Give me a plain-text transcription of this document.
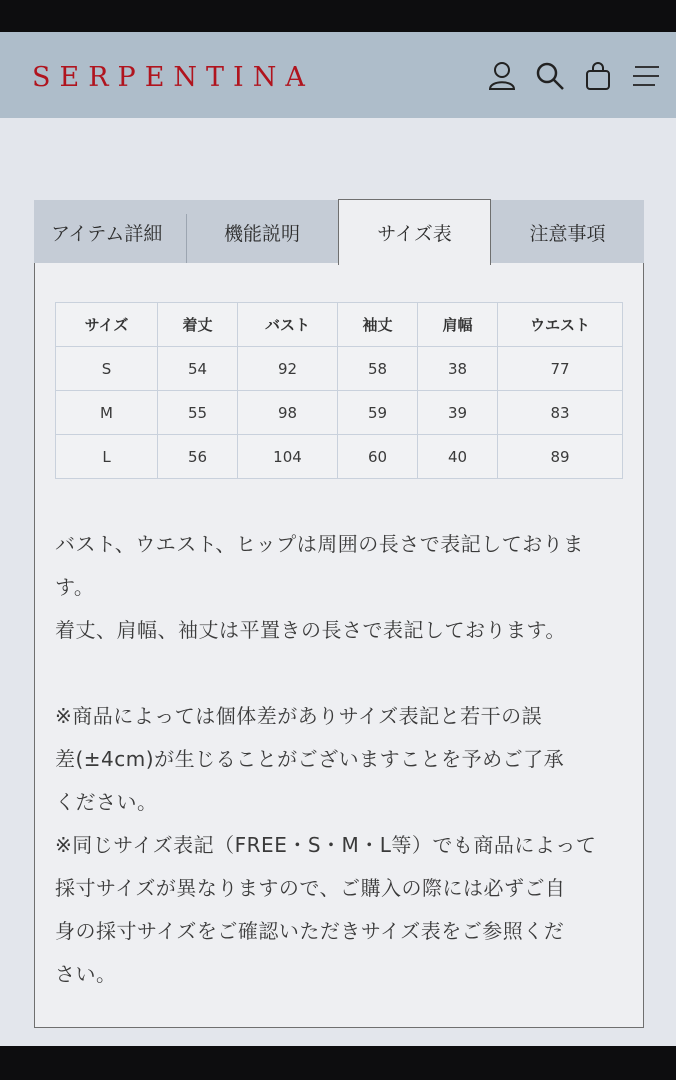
SERPENTINA
アイテム詳細	機能説明	サイズ表	注意事項
サイズ	着丈	バスト	袖丈	肩幅	ウエスト
S	54	92	58	38	77
M	55	98	59	39	83
L	56	104	60	40	89

バスト、ウエスト、ヒップは周囲の長さで表記しておりま

す。

着丈、肩幅、袖丈は平置きの長さで表記しております。

※商品によっては個体差がありサイズ表記と若干の誤

差(±4cm)が生じることがございますことを予めご了承

ください。

※同じサイズ表記（FREE・S・M・L等）でも商品によって

採寸サイズが異なりますので、ご購入の際には必ずご自

身の採寸サイズをご確認いただきサイズ表をご参照くだ

さい。
